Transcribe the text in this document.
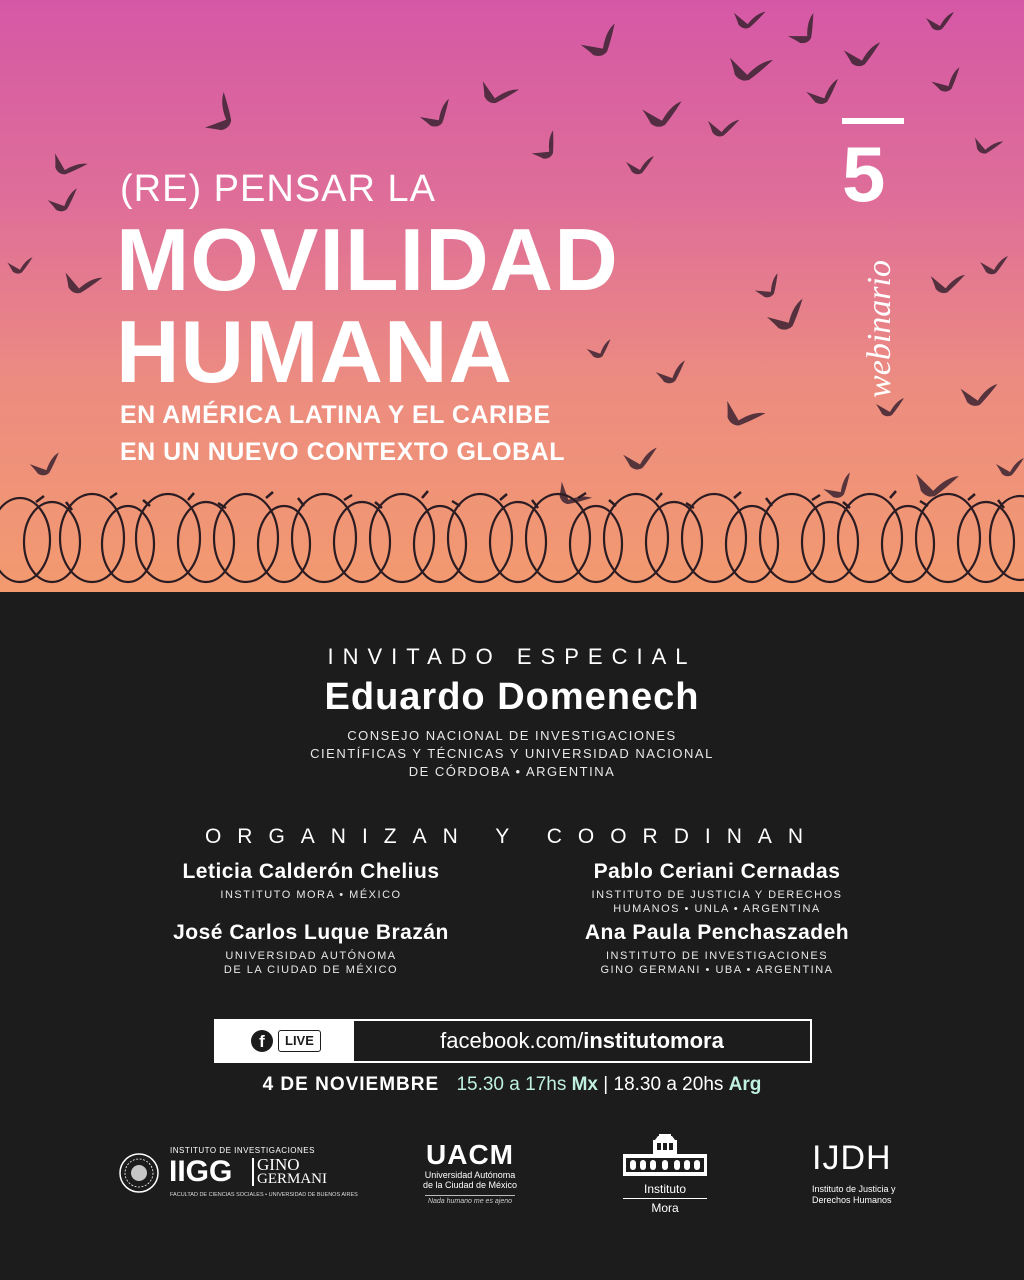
(RE) PENSAR LA
MOVILIDAD
HUMANA
EN AMÉRICA LATINA Y EL CARIBE
EN UN NUEVO CONTEXTO GLOBAL
5
webinario
INVITADO ESPECIAL
Eduardo Domenech
CONSEJO NACIONAL DE INVESTIGACIONES
CIENTÍFICAS Y TÉCNICAS Y UNIVERSIDAD NACIONAL
DE CÓRDOBA • ARGENTINA
ORGANIZAN Y COORDINAN
Leticia Calderón Chelius
INSTITUTO MORA • MÉXICO
Pablo Ceriani Cernadas
INSTITUTO DE JUSTICIA Y DERECHOS
HUMANOS • UNLA • ARGENTINA
José Carlos Luque Brazán
UNIVERSIDAD AUTÓNOMA
DE LA CIUDAD DE MÉXICO
Ana Paula Penchaszadeh
INSTITUTO DE INVESTIGACIONES
GINO GERMANI • UBA • ARGENTINA
f	LIVE	facebook.com/institutomora
4 DE NOVIEMBRE 15.30 a 17hs Mx | 18.30 a 20hs Arg
INSTITUTO DE INVESTIGACIONES
IIGG GINO
GERMANI
FACULTAD DE CIENCIAS SOCIALES • UNIVERSIDAD DE BUENOS AIRES
UACM
Universidad Autónoma
de la Ciudad de México
Nada humano me es ajeno
Instituto
Mora
IJDH
Instituto de Justicia y
Derechos Humanos
